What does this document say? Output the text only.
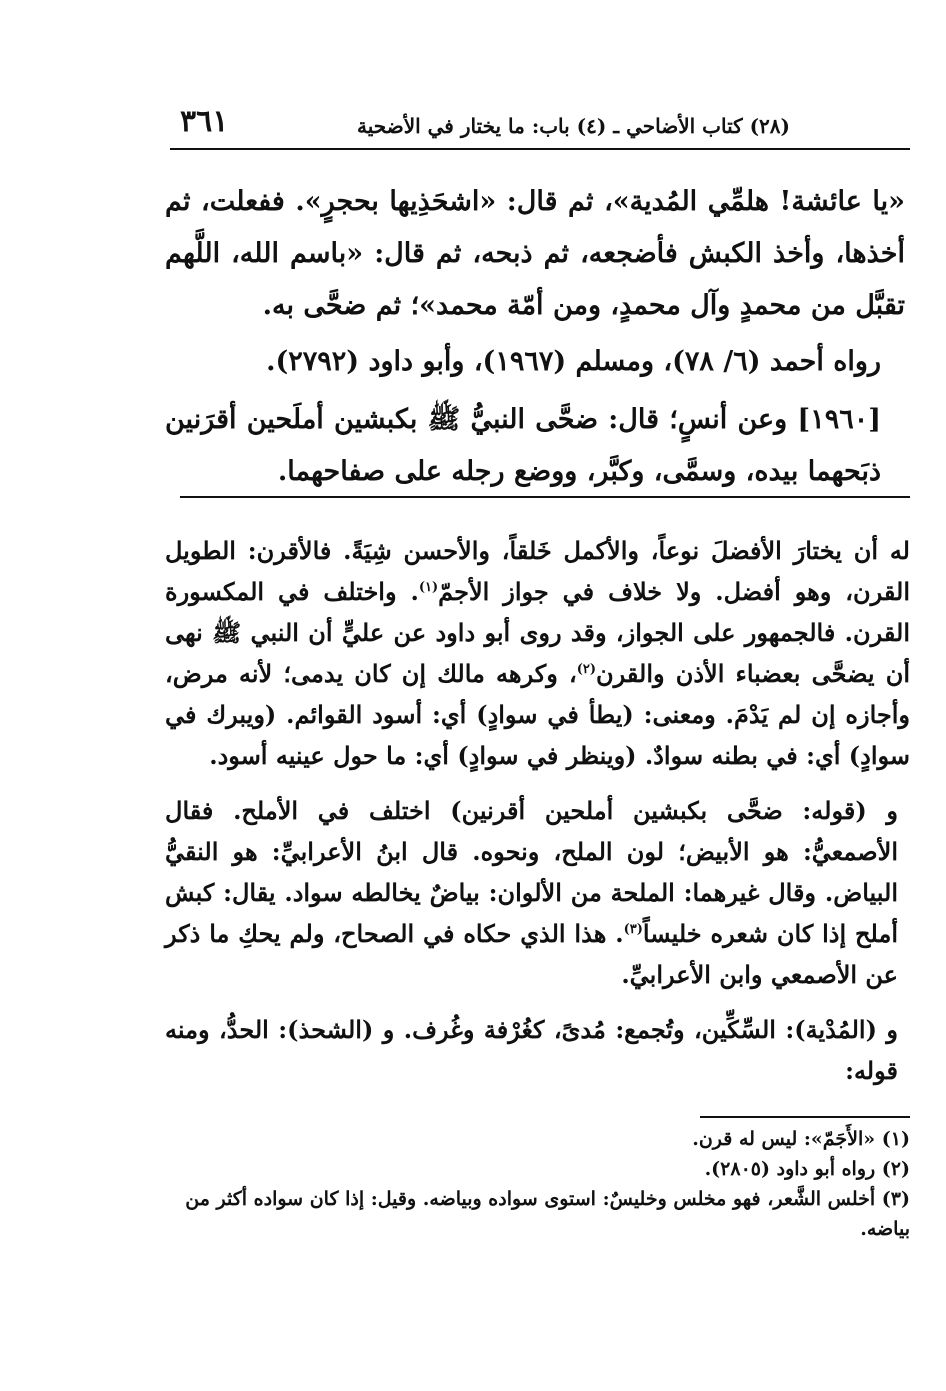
٣٦١	(٢٨) كتاب الأضاحي ـ (٤) باب: ما يختار في الأضحية

«يا عائشة! هلمِّي المُدية»، ثم قال: «اشحَذِيها بحجرٍ». ففعلت، ثم أخذها، وأخذ الكبش فأضجعه، ثم ذبحه، ثم قال: «باسم الله، اللَّهم تقبَّل من محمدٍ وآل محمدٍ، ومن أمّة محمد»؛ ثم ضحَّى به.

رواه أحمد (٦/ ٧٨)، ومسلم (١٩٦٧)، وأبو داود (٢٧٩٢).

[١٩٦٠] وعن أنسٍ؛ قال: ضحَّى النبيُّ ﷺ بكبشين أملَحين أقرَنين ذبَحهما بيده، وسمَّى، وكبَّر، ووضع رجله على صفاحهما.

له أن يختارَ الأفضلَ نوعاً، والأكمل خَلقاً، والأحسن شِيَةً. فالأقرن: الطويل القرن، وهو أفضل. ولا خلاف في جواز الأجمّ$^{(١)}$. واختلف في المكسورة القرن. فالجمهور على الجواز، وقد روى أبو داود عن عليٍّ أن النبي ﷺ نهى أن يضحَّى بعضباء الأذن والقرن$^{(٢)}$، وكرهه مالك إن كان يدمى؛ لأنه مرض، وأجازه إن لم يَدْمَ. ومعنى: (يطأ في سوادٍ) أي: أسود القوائم. (ويبرك في سوادٍ) أي: في بطنه سوادٌ. (وينظر في سوادٍ) أي: ما حول عينيه أسود.

و (قوله: ضحَّى بكبشين أملحين أقرنين) اختلف في الأملح. فقال الأصمعيُّ: هو الأبيض؛ لون الملح، ونحوه. قال ابنُ الأعرابيِّ: هو النقيُّ البياض. وقال غيرهما: الملحة من الألوان: بياضٌ يخالطه سواد. يقال: كبش أملح إذا كان شعره خليساً$^{(٣)}$. هذا الذي حكاه في الصحاح، ولم يحكِ ما ذكر عن الأصمعي وابن الأعرابيِّ.

و (المُدْية): السِّكِّين، وتُجمع: مُدىً، كغُرْفة وغُرف. و (الشحذ): الحدُّ، ومنه قوله:

(١) «الأَجَمّ»: ليس له قرن.

(٢) رواه أبو داود (٢٨٠٥).

(٣) أخلس الشَّعر، فهو مخلس وخليسٌ: استوى سواده وبياضه. وقيل: إذا كان سواده أكثر من بياضه.
